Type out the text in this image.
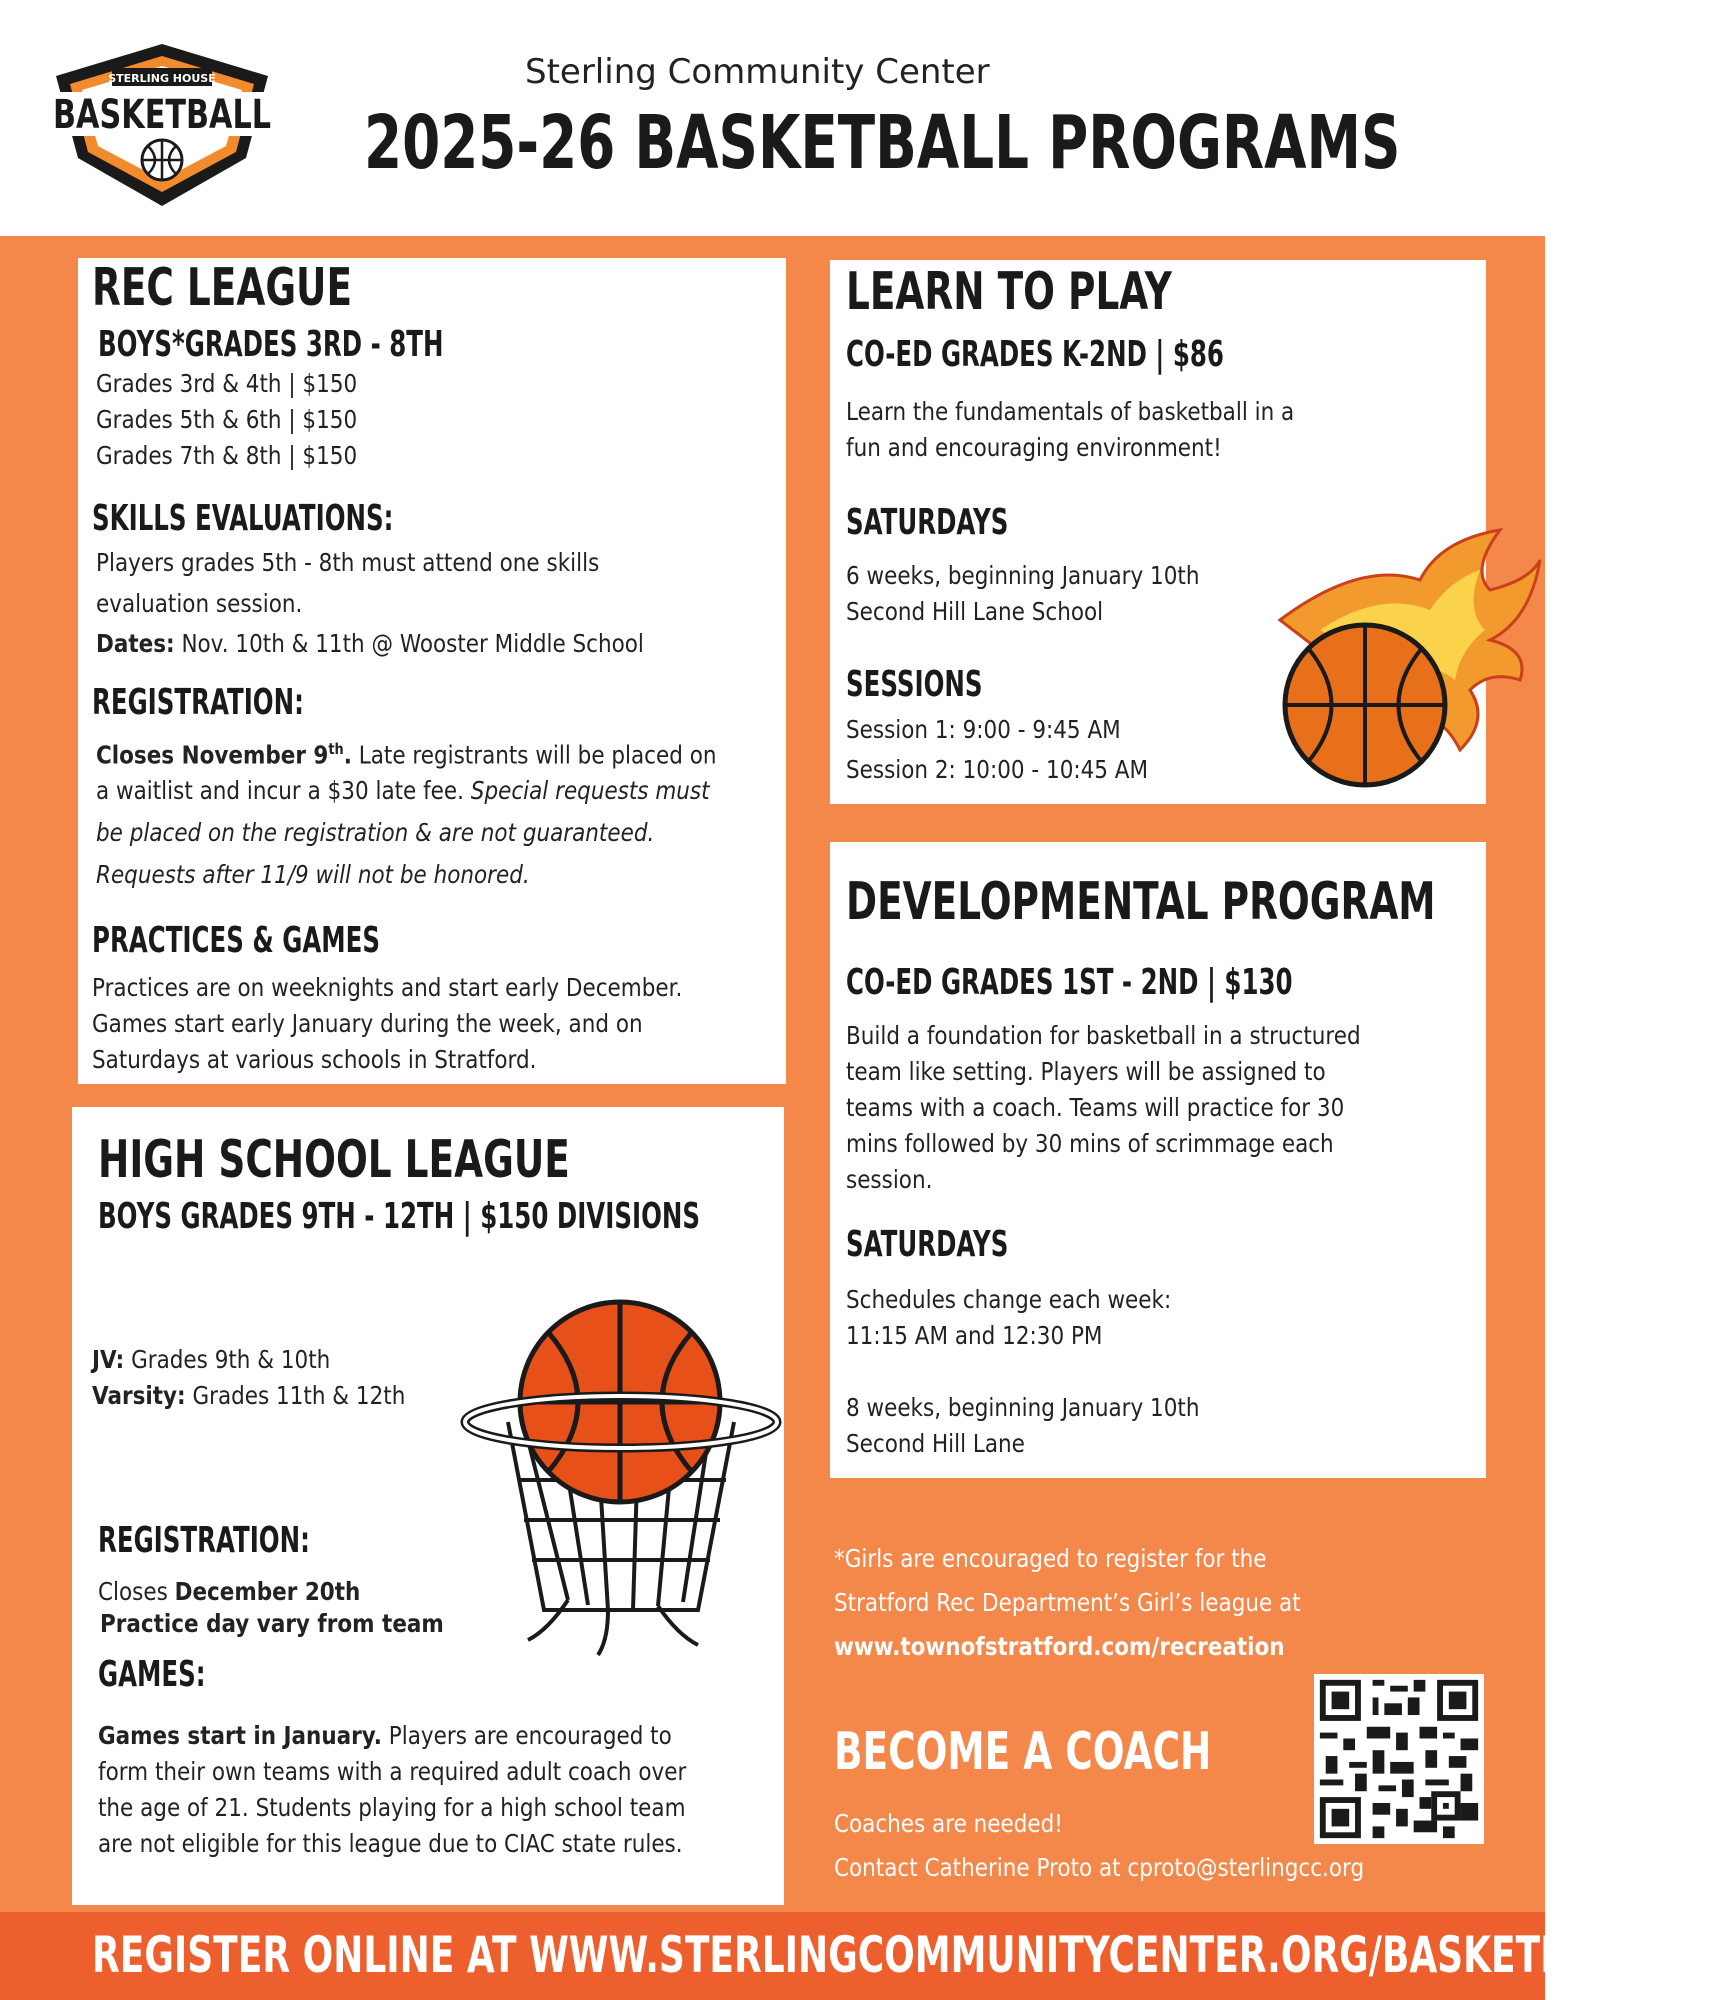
STERLING HOUSE
BASKETBALL
Sterling Community Center
2025-26 BASKETBALL PROGRAMS
REC LEAGUE
BOYS*GRADES 3RD - 8TH
Grades 3rd & 4th | $150
Grades 5th & 6th | $150
Grades 7th & 8th | $150
SKILLS EVALUATIONS:
Players grades 5th - 8th must attend one skills
evaluation session.
Dates: Nov. 10th & 11th @ Wooster Middle School
REGISTRATION:
Closes November 9th. Late registrants will be placed on
a waitlist and incur a $30 late fee. Special requests must
be placed on the registration & are not guaranteed.
Requests after 11/9 will not be honored.
PRACTICES & GAMES
Practices are on weeknights and start early December.
Games start early January during the week, and on
Saturdays at various schools in Stratford.
HIGH SCHOOL LEAGUE
BOYS GRADES 9TH - 12TH | $150 DIVISIONS
JV: Grades 9th & 10th
Varsity: Grades 11th & 12th
REGISTRATION:
Closes December 20th
Practice day vary from team
GAMES:
Games start in January. Players are encouraged to
form their own teams with a required adult coach over
the age of 21. Students playing for a high school team
are not eligible for this league due to CIAC state rules.
LEARN TO PLAY
CO-ED GRADES K-2ND | $86
Learn the fundamentals of basketball in a
fun and encouraging environment!
SATURDAYS
6 weeks, beginning January 10th
Second Hill Lane School
SESSIONS
Session 1: 9:00 - 9:45 AM
Session 2: 10:00 - 10:45 AM
DEVELOPMENTAL PROGRAM
CO-ED GRADES 1ST - 2ND | $130
Build a foundation for basketball in a structured
team like setting. Players will be assigned to
teams with a coach. Teams will practice for 30
mins followed by 30 mins of scrimmage each
session.
SATURDAYS
Schedules change each week:
11:15 AM and 12:30 PM
8 weeks, beginning January 10th
Second Hill Lane
*Girls are encouraged to register for the
Stratford Rec Department’s Girl’s league at
www.townofstratford.com/recreation
BECOME A COACH
Coaches are needed!
Contact Catherine Proto at cproto@sterlingcc.org
REGISTER ONLINE AT WWW.STERLINGCOMMUNITYCENTER.ORG/BASKETBALLHUB
